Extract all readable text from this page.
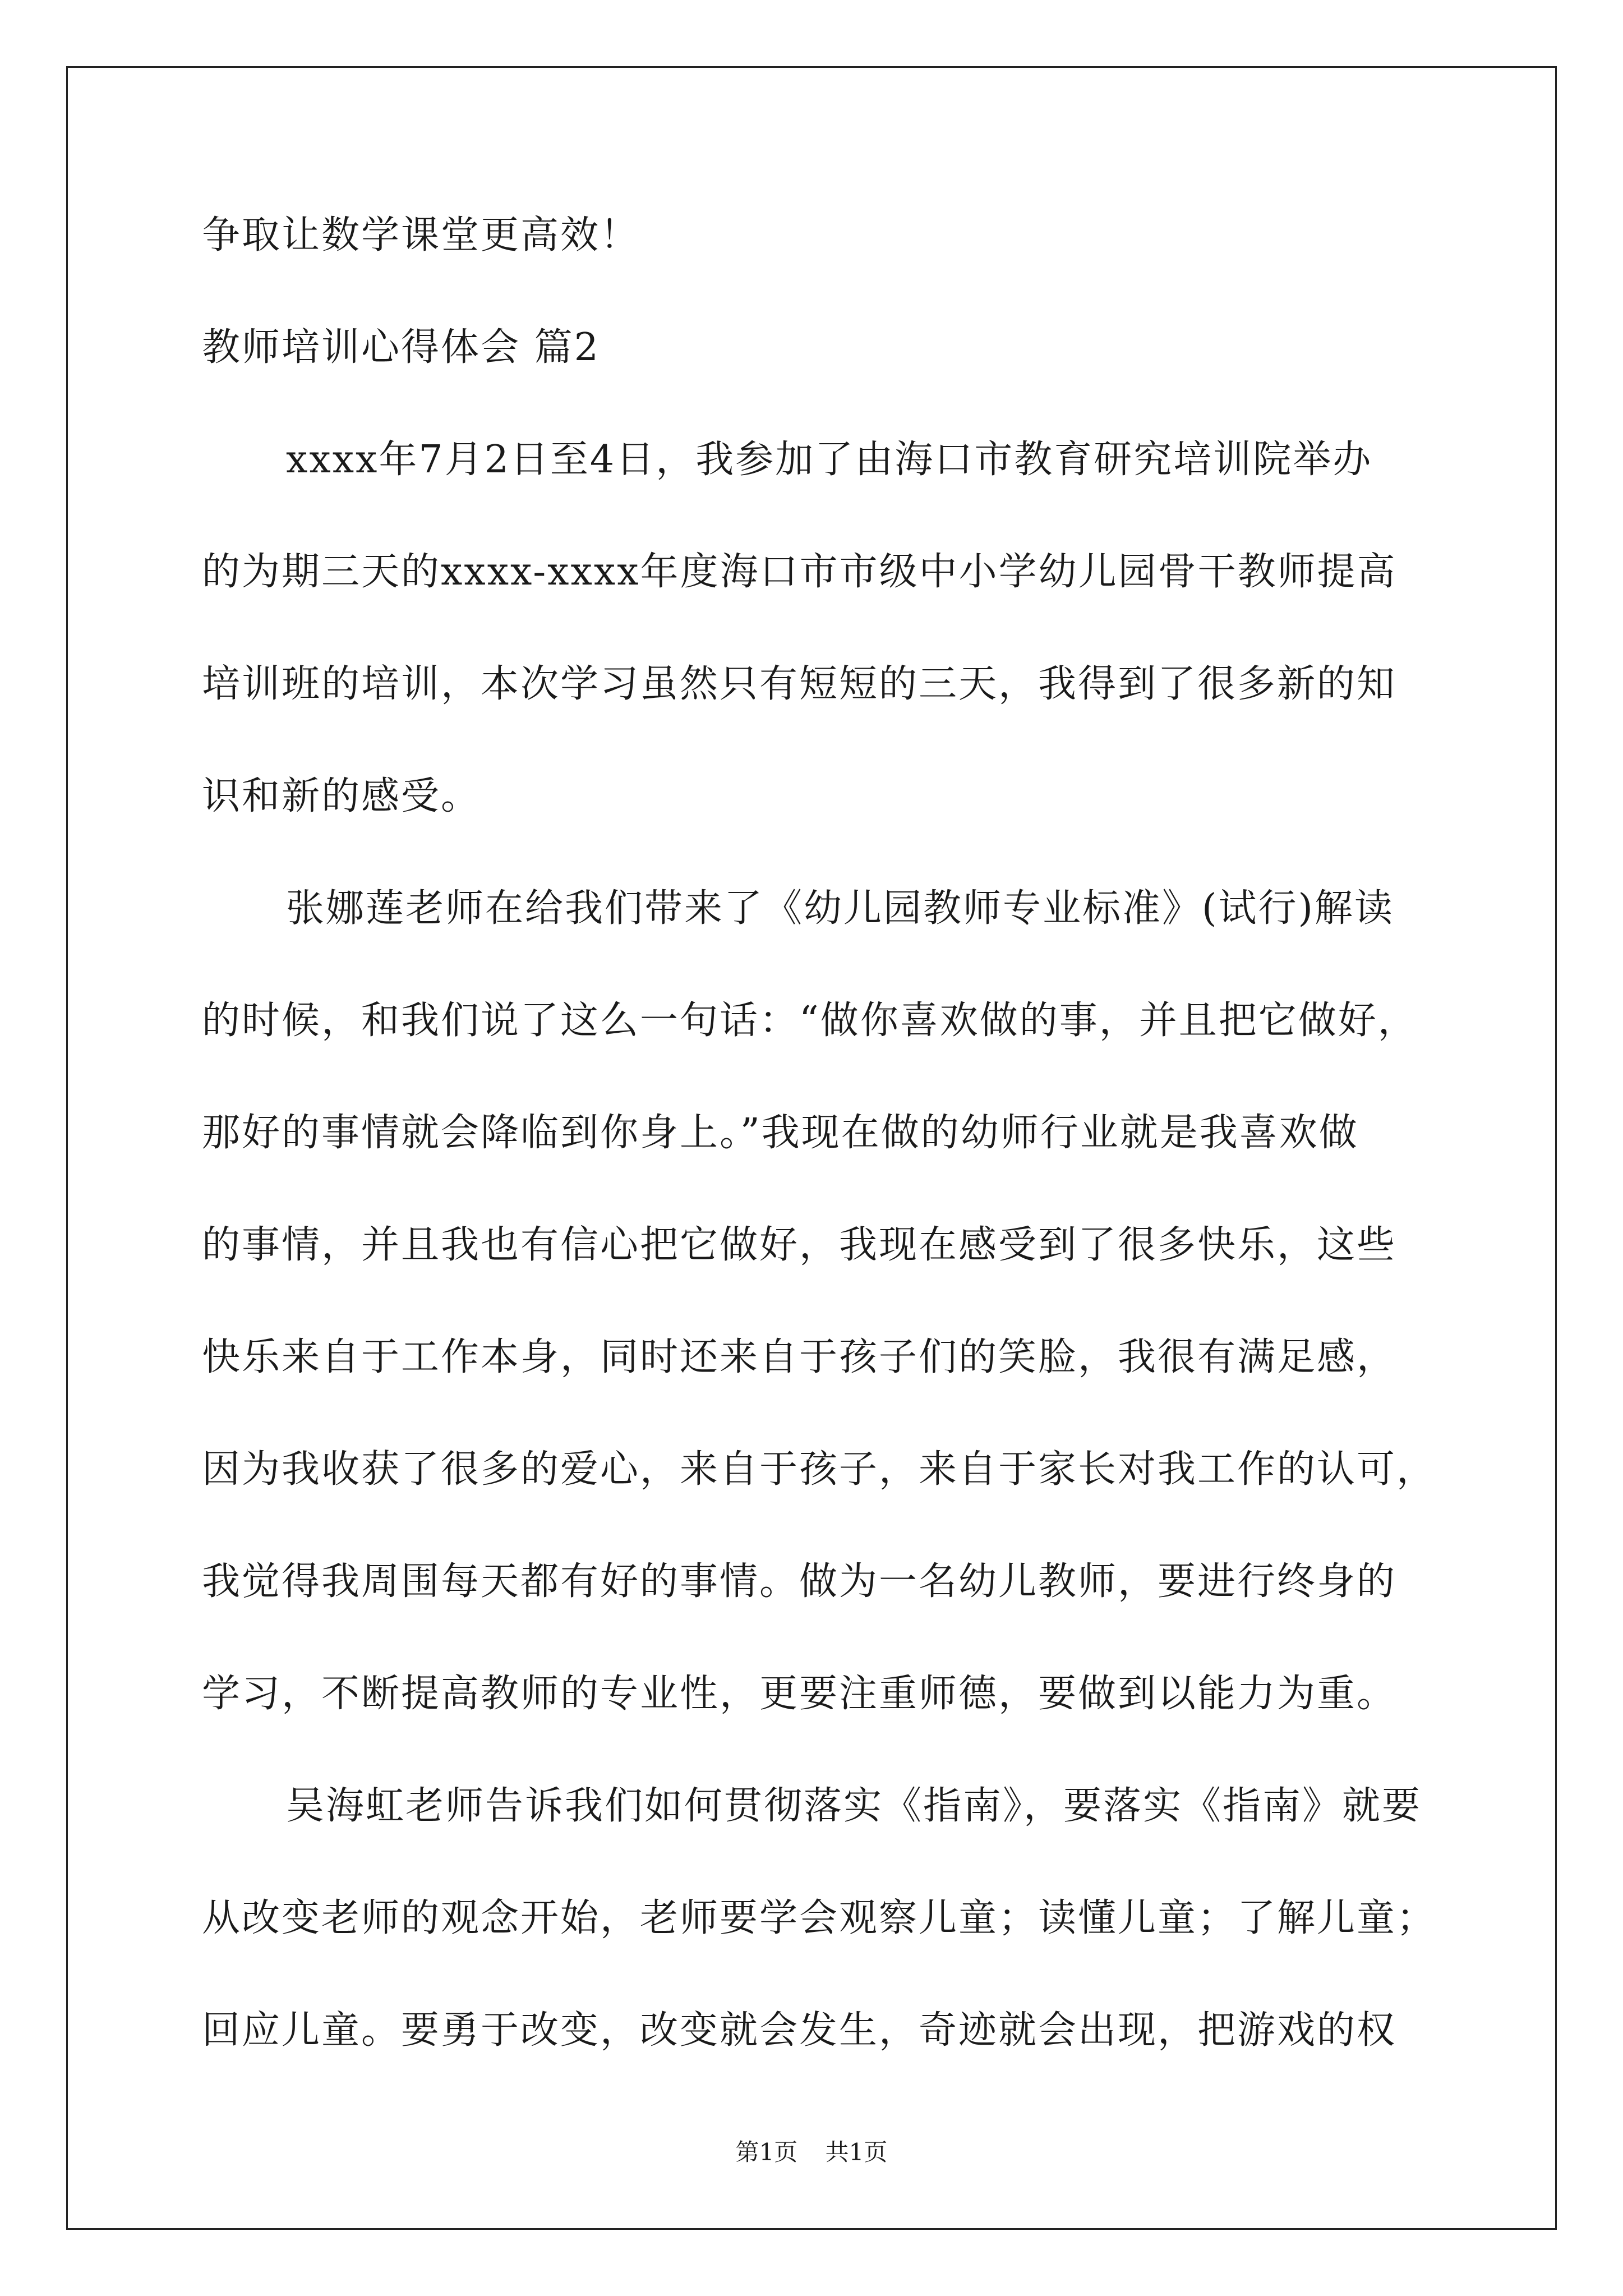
争取让数学课堂更高效！
教师培训心得体会 篇2
xxxx年7月2日至4日，我参加了由海口市教育研究培训院举办
的为期三天的xxxx-xxxx年度海口市市级中小学幼儿园骨干教师提高
培训班的培训，本次学习虽然只有短短的三天，我得到了很多新的知
识和新的感受。
张娜莲老师在给我们带来了《幼儿园教师专业标准》(试行)解读
的时候，和我们说了这么一句话：“做你喜欢做的事，并且把它做好，
那好的事情就会降临到你身上。”我现在做的幼师行业就是我喜欢做
的事情，并且我也有信心把它做好，我现在感受到了很多快乐，这些
快乐来自于工作本身，同时还来自于孩子们的笑脸，我很有满足感，
因为我收获了很多的爱心，来自于孩子，来自于家长对我工作的认可，
我觉得我周围每天都有好的事情。做为一名幼儿教师，要进行终身的
学习，不断提高教师的专业性，更要注重师德，要做到以能力为重。
吴海虹老师告诉我们如何贯彻落实《指南》，要落实《指南》就要
从改变老师的观念开始，老师要学会观察儿童；读懂儿童；了解儿童；
回应儿童。要勇于改变，改变就会发生，奇迹就会出现，把游戏的权
第1页 共1页
